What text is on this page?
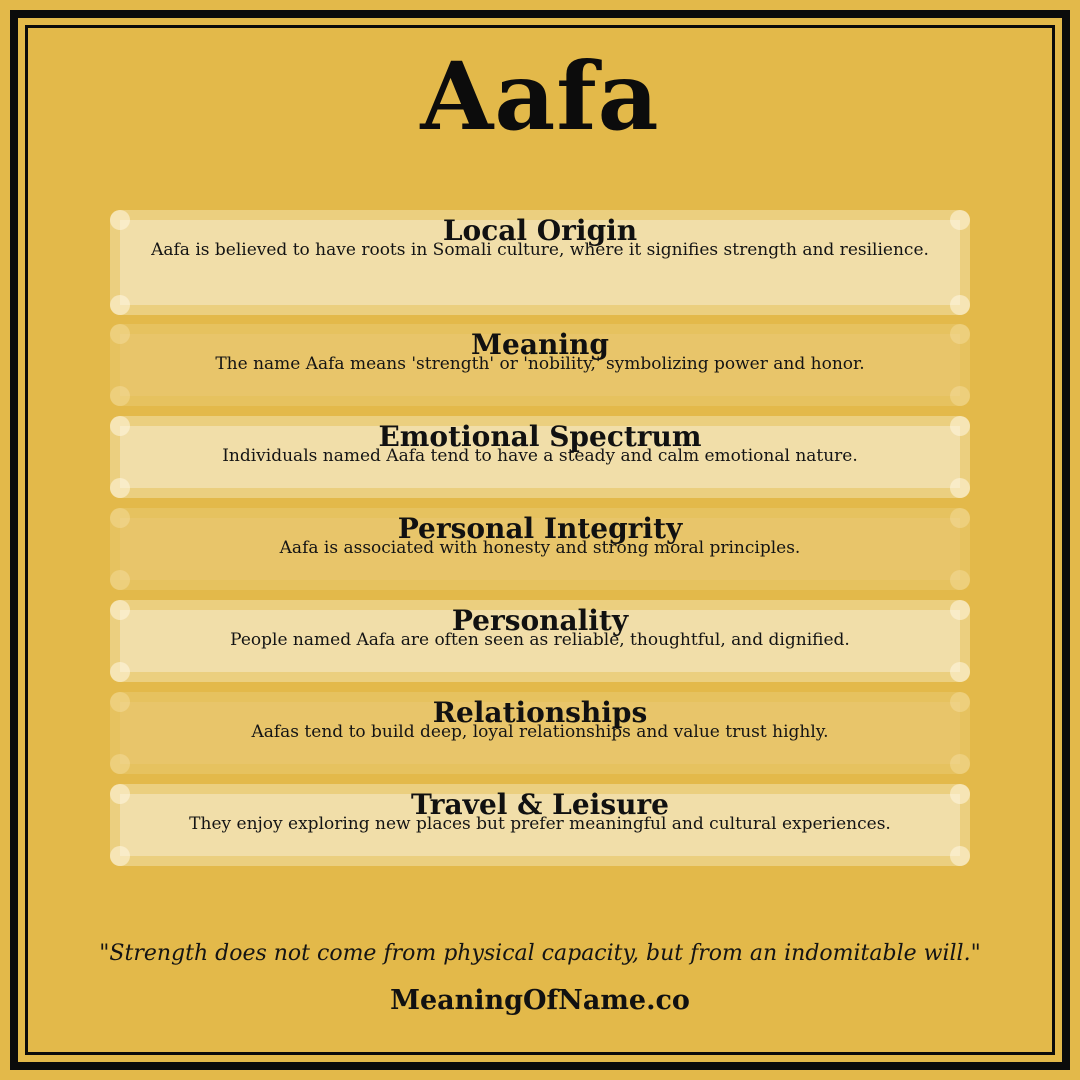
Aafa
Local Origin
Aafa is believed to have roots in Somali culture, where it signifies strength and resilience.
Meaning
The name Aafa means 'strength' or 'nobility,' symbolizing power and honor.
Emotional Spectrum
Individuals named Aafa tend to have a steady and calm emotional nature.
Personal Integrity
Aafa is associated with honesty and strong moral principles.
Personality
People named Aafa are often seen as reliable, thoughtful, and dignified.
Relationships
Aafas tend to build deep, loyal relationships and value trust highly.
Travel & Leisure
They enjoy exploring new places but prefer meaningful and cultural experiences.
"Strength does not come from physical capacity, but from an indomitable will."
MeaningOfName.co
